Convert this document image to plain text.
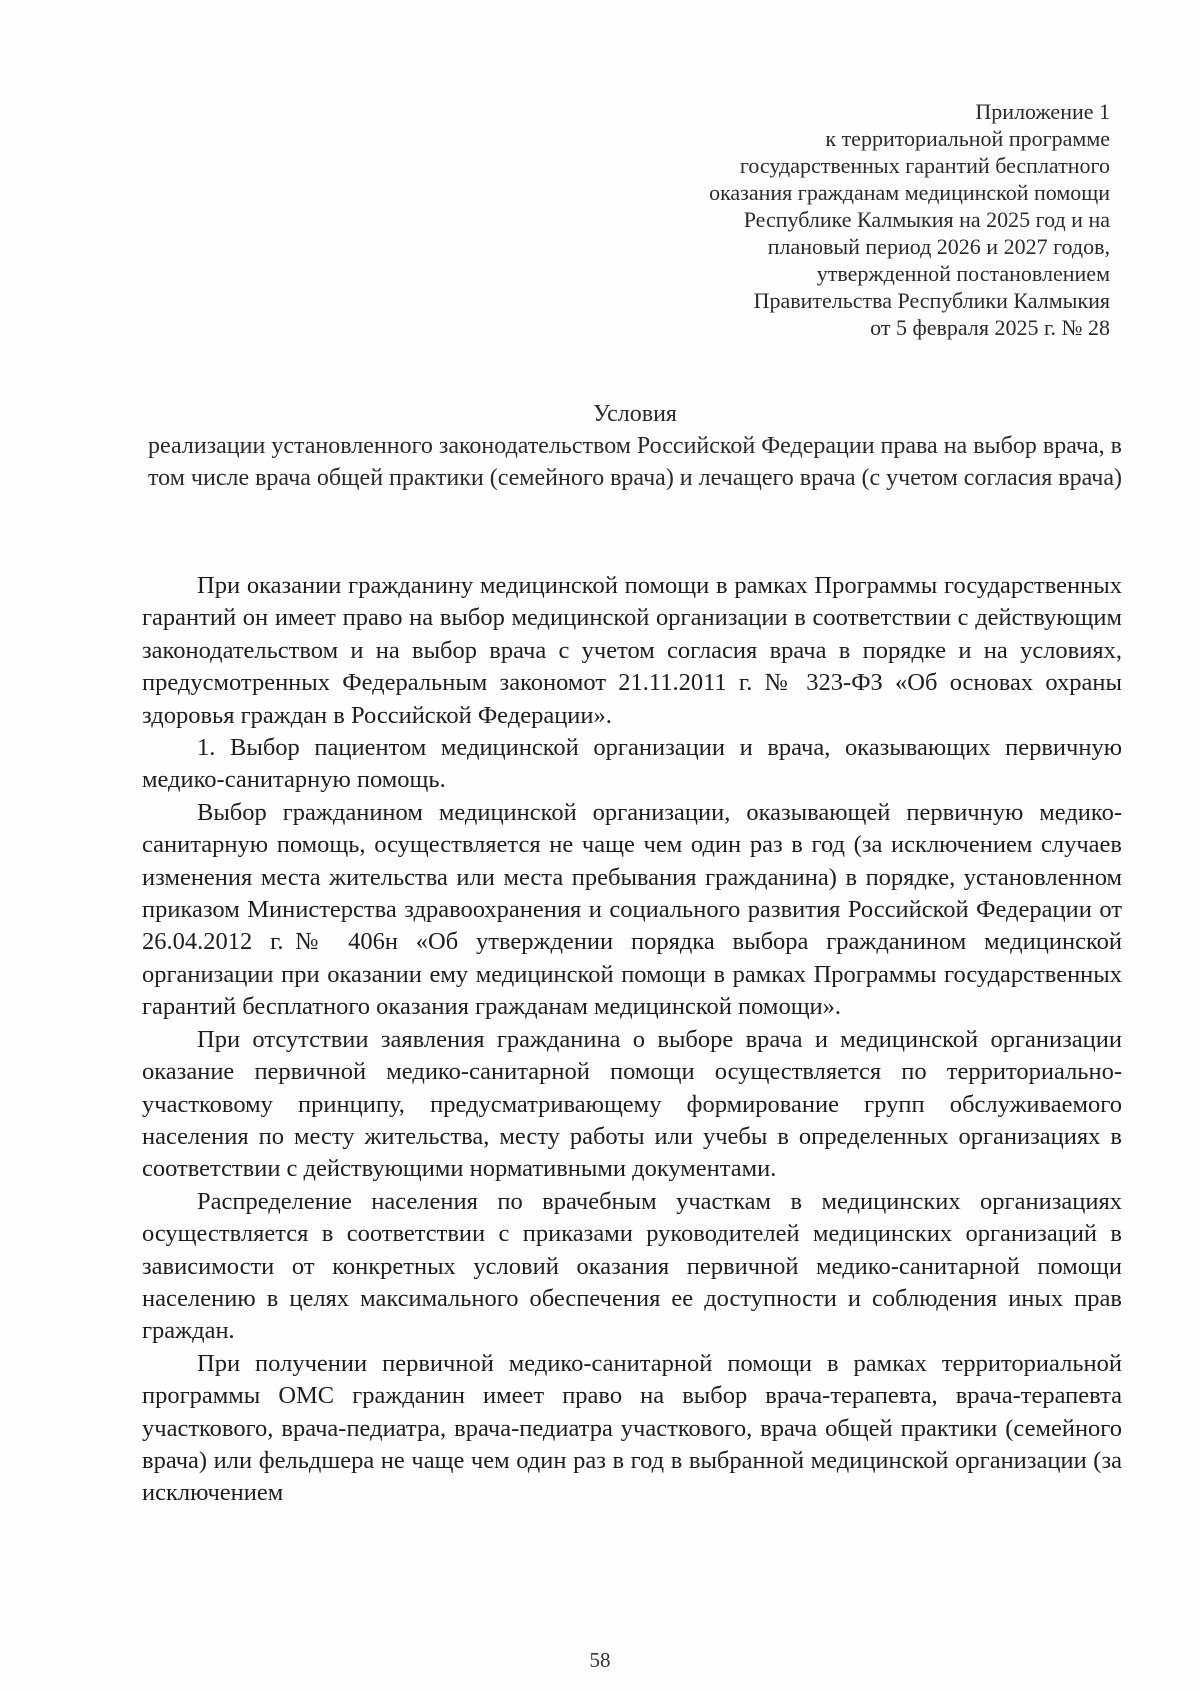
Приложение 1
к территориальной программе
государственных гарантий бесплатного
оказания гражданам медицинской помощи
Республике Калмыкия на 2025 год и на
плановый период 2026 и 2027 годов,
утвержденной постановлением
Правительства Республики Калмыкия
от 5 февраля 2025 г. № 28
Условия
реализации установленного законодательством Российской Федерации права на выбор врача, в том числе врача общей практики (семейного врача) и лечащего врача (с учетом согласия врача)

При оказании гражданину медицинской помощи в рамках Программы государственных гарантий он имеет право на выбор медицинской организации в соответствии с действующим законодательством и на выбор врача с учетом согласия врача в порядке и на условиях, предусмотренных Федеральным закономот 21.11.2011 г. № 323-ФЗ «Об основах охраны здоровья граждан в Российской Федерации».

1. Выбор пациентом медицинской организации и врача, оказывающих первичную медико-санитарную помощь.

Выбор гражданином медицинской организации, оказывающей первичную медико-санитарную помощь, осуществляется не чаще чем один раз в год (за исключением случаев изменения места жительства или места пребывания гражданина) в порядке, установленном приказом Министерства здравоохранения и социального развития Российской Федерации от 26.04.2012 г.№ 406н «Об утверждении порядка выбора гражданином медицинской организации при оказании ему медицинской помощи в рамках Программы государственных гарантий бесплатного оказания гражданам медицинской помощи».

При отсутствии заявления гражданина о выборе врача и медицинской организации оказание первичной медико-санитарной помощи осуществляется по территориально-участковому принципу, предусматривающему формирование групп обслуживаемого населения по месту жительства, месту работы или учебы в определенных организациях в соответствии с действующими нормативными документами.

Распределение населения по врачебным участкам в медицинских организациях осуществляется в соответствии с приказами руководителей медицинских организаций в зависимости от конкретных условий оказания первичной медико-санитарной помощи населению в целях максимального обеспечения ее доступности и соблюдения иных прав граждан.

При получении первичной медико-санитарной помощи в рамках территориальной программы ОМС гражданин имеет право на выбор врача-терапевта, врача-терапевта участкового, врача-педиатра, врача-педиатра участкового, врача общей практики (семейного врача) или фельдшера не чаще чем один раз в год в выбранной медицинской организации (за исключением

58
